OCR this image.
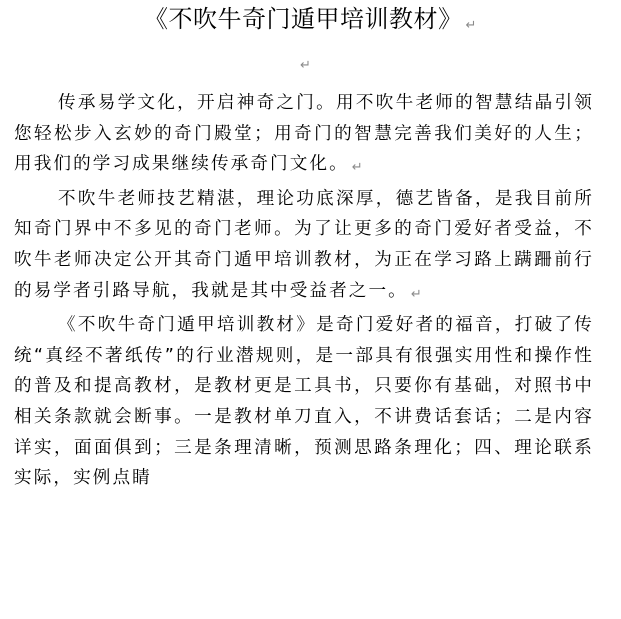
《不吹牛奇门遁甲培训教材》 ↵
↵

传承易学文化，开启神奇之门。用不吹牛老师的智慧结晶引领您轻松步入玄妙的奇门殿堂；用奇门的智慧完善我们美好的人生；用我们的学习成果继续传承奇门文化。 ↵

不吹牛老师技艺精湛，理论功底深厚，德艺皆备，是我目前所知奇门界中不多见的奇门老师。为了让更多的奇门爱好者受益，不吹牛老师决定公开其奇门遁甲培训教材，为正在学习路上蹒跚前行的易学者引路导航，我就是其中受益者之一。 ↵

《不吹牛奇门遁甲培训教材》是奇门爱好者的福音，打破了传统“真经不著纸传”的行业潜规则，是一部具有很强实用性和操作性的普及和提高教材，是教材更是工具书，只要你有基础，对照书中相关条款就会断事。一是教材单刀直入，不讲费话套话；二是内容详实，面面俱到；三是条理清晰，预测思路条理化；四、理论联系实际，实例点睛
